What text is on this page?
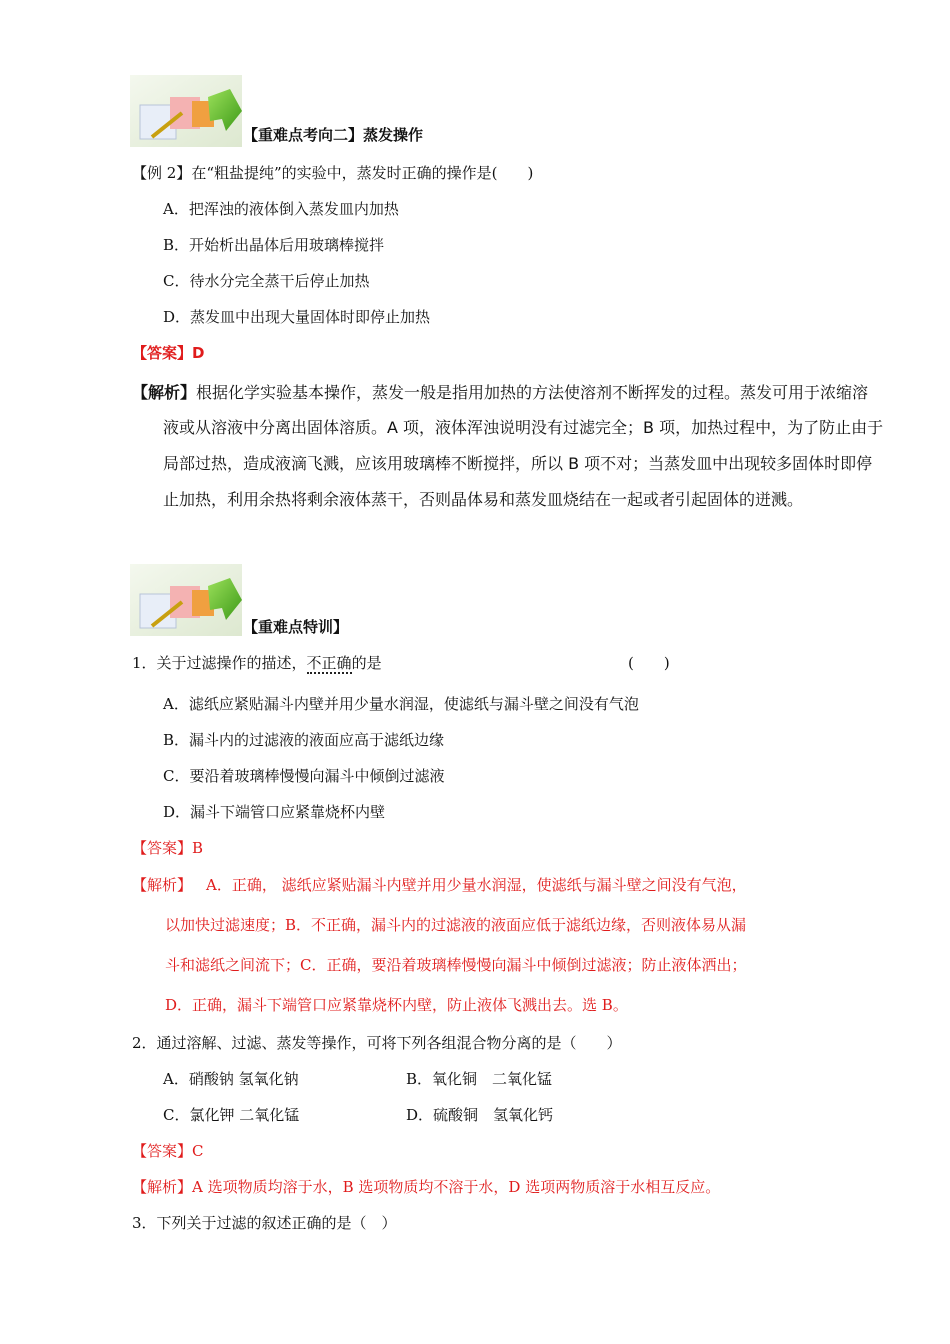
【重难点考向二】蒸发操作
【例 2】在“粗盐提纯”的实验中，蒸发时正确的操作是(　　)
A．把浑浊的液体倒入蒸发皿内加热
B．开始析出晶体后用玻璃棒搅拌
C．待水分完全蒸干后停止加热
D．蒸发皿中出现大量固体时即停止加热
【答案】D
【解析】根据化学实验基本操作，蒸发一般是指用加热的方法使溶剂不断挥发的过程。蒸发可用于浓缩溶
液或从溶液中分离出固体溶质。A 项，液体浑浊说明没有过滤完全；B 项，加热过程中，为了防止由于
局部过热，造成液滴飞溅，应该用玻璃棒不断搅拌，所以 B 项不对；当蒸发皿中出现较多固体时即停
止加热，利用余热将剩余液体蒸干，否则晶体易和蒸发皿烧结在一起或者引起固体的迸溅。
【重难点特训】
1．关于过滤操作的描述，不正确的是	(　　)
A．滤纸应紧贴漏斗内壁并用少量水润湿，使滤纸与漏斗壁之间没有气泡
B．漏斗内的过滤液的液面应高于滤纸边缘
C．要沿着玻璃棒慢慢向漏斗中倾倒过滤液
D．漏斗下端管口应紧靠烧杯内壁
【答案】B
【解析】 A．正确， 滤纸应紧贴漏斗内壁并用少量水润湿，使滤纸与漏斗壁之间没有气泡，
以加快过滤速度；B．不正确，漏斗内的过滤液的液面应低于滤纸边缘，否则液体易从漏
斗和滤纸之间流下；C．正确，要沿着玻璃棒慢慢向漏斗中倾倒过滤液；防止液体洒出；
D．正确，漏斗下端管口应紧靠烧杯内壁，防止液体飞溅出去。选 B。
2．通过溶解、过滤、蒸发等操作，可将下列各组混合物分离的是（　　）
A．硝酸钠 氢氧化钠	B．氧化铜　二氧化锰
C．氯化钾 二氧化锰	D．硫酸铜　氢氧化钙
【答案】C
【解析】A 选项物质均溶于水，B 选项物质均不溶于水，D 选项两物质溶于水相互反应。
3．下列关于过滤的叙述正确的是（　）
